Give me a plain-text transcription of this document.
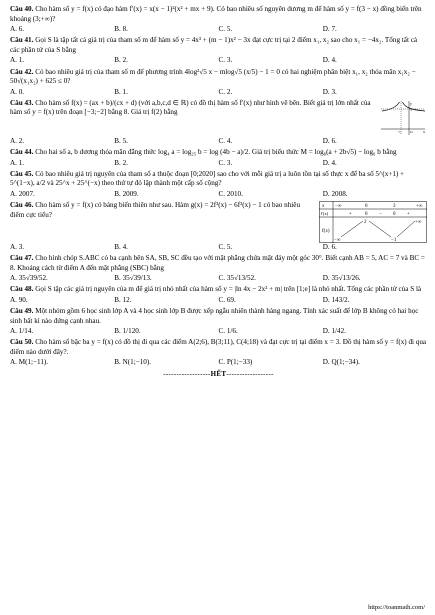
Câu 40. Cho hàm số y = f(x) có đạo hàm f′(x) = x(x − 1)²(x² + mx + 9). Có bao nhiêu số nguyên dương m để hàm số y = f(3 − x) đồng biến trên khoảng (3;+∞)?
A. 6.	B. 8.	C. 5.	D. 7.
Câu 41. Gọi S là tập tất cả giá trị của tham số m để hàm số y = 4x³ + (m − 1)x² − 3x đạt cực trị tại 2 điểm x₁, x₂ sao cho x₁ = −4x₂. Tổng tất cả các phần tử của S bằng
A. 1.	B. 2.	C. 3.	D. 4.
Câu 42. Có bao nhiêu giá trị của tham số m để phương trình 4log²√5 x − mlog√5 (x/5) − 1 = 0 có hai nghiệm phân biệt x₁, x₂ thỏa mãn x₁x₂ − 50√(x₁x₂) + 625 ≤ 0?
A. 0.	B. 1.	C. 2.	D. 3.
Câu 43. Cho hàm số f(x) = (ax + b)/(cx + d) (với a,b,c,d ∈ ℝ) có đồ thị hàm số f′(x) như hình vẽ bên. Biết giá trị lớn nhất của hàm số y = f(x) trên đoạn [−3;−2] bằng 8. Giá trị f(2) bằng
y
x
3
−1	O
A. 2.	B. 5.	C. 4.	D. 6.
Câu 44. Cho hai số a, b dương thỏa mãn đẳng thức log₄ a = log₂₅ b = log (4b − a)/2. Giá trị biểu thức M = log₆(a + 2b√5) − log₆ b bằng
A. 1.	B. 2.	C. 3.	D. 4.
Câu 45. Có bao nhiêu giá trị nguyên của tham số a thuộc đoạn [0;2020] sao cho với mỗi giá trị a luôn tồn tại số thực x để ba số 5^(x+1) + 5^(1−x), a/2 và 25^x + 25^(−x) theo thứ tự đó lập thành một cấp số cộng?
A. 2007.	B. 2009.	C. 2010.	D. 2008.
Câu 46. Cho hàm số y = f(x) có bảng biến thiên như sau. Hàm g(x) = 2f³(x) − 6f²(x) − 1 có bao nhiêu điểm cực tiểu?
x −∞	0	3	+∞
f′(x)	+	0 − 0 +
f(x)
2	+∞
−∞	−1
A. 3.	B. 4.	C. 5.	D. 6.
Câu 47. Cho hình chóp S.ABC có ba cạnh bên SA, SB, SC đều tạo với mặt phẳng chứa mặt đáy một góc 30°. Biết cạnh AB = 5, AC = 7 và BC = 8. Khoảng cách từ điểm A đến mặt phẳng (SBC) bằng
A. 35√39/52.	B. 35√39/13.	C. 35√13/52.	D. 35√13/26.
Câu 48. Gọi S tập các giá trị nguyên của m để giá trị nhỏ nhất của hàm số y = |ln 4x − 2x² + m| trên [1;e] là nhỏ nhất. Tổng các phần tử của S là
A. 90.	B. 12.	C. 69.	D. 143/2.
Câu 49. Một nhóm gồm 6 học sinh lớp A và 4 học sinh lớp B được xếp ngẫu nhiên thành hàng ngang. Tính xác suất để lớp B không có hai học sinh bất kì nào đứng cạnh nhau.
A. 1/14.	B. 1/120.	C. 1/6.	D. 1/42.
Câu 50. Cho hàm số bậc ba y = f(x) có đồ thị đi qua các điểm A(2;6), B(3;11), C(4;18) và đạt cực trị tại điểm x = 3. Đồ thị hàm số y = f(x) đi qua điểm nào dưới đây?.
A. M(1;−11).	B. N(1;−10).	C. P(1;−33)	D. Q(1;−34).
------------------HẾT------------------
https://toanmath.com/
